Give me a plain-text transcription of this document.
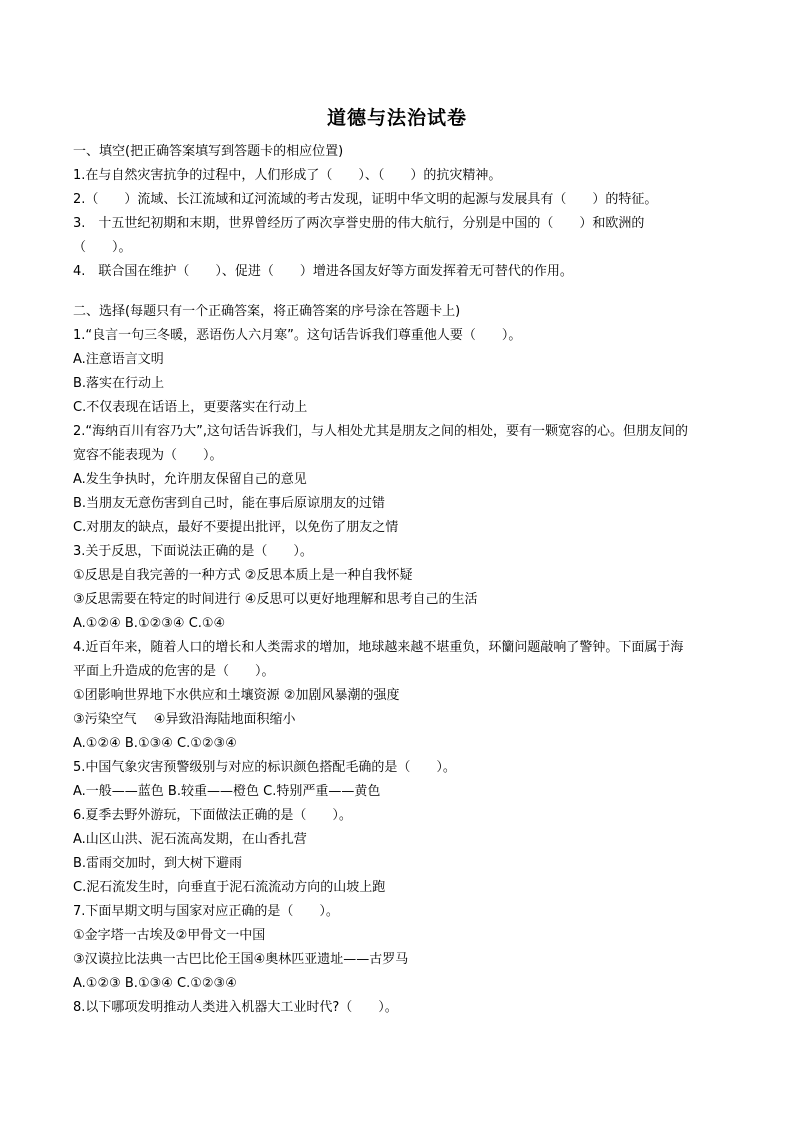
道德与法治试卷
一、填空(把正确答案填写到答题卡的相应位置)
1.在与自然灾害抗争的过程中，人们形成了（　　）、（　　）的抗灾精神。
2.（　　）流域、长江流域和辽河流域的考古发现，证明中华文明的起源与发展具有（　　）的特征。
3.　十五世纪初期和末期，世界曾经历了两次享誉史册的伟大航行，分别是中国的（　　）和欧洲的
（　　）。
4.　联合国在维护（　　）、促进（　　）增进各国友好等方面发挥着无可替代的作用。
二、选择(每题只有一个正确答案，将正确答案的序号涂在答题卡上)
1.“良言一句三冬暖，恶语伤人六月寒”。这句话告诉我们尊重他人要（　　）。
A.注意语言文明
B.落实在行动上
C.不仅表现在话语上，更要落实在行动上
2.“海纳百川有容乃大”,这句话告诉我们，与人相处尤其是朋友之间的相处，要有一颗宽容的心。但朋友间的
宽容不能表现为（　　）。
A.发生争执时，允许朋友保留自己的意见
B.当朋友无意伤害到自己时，能在事后原谅朋友的过错
C.对朋友的缺点，最好不要提出批评，以免伤了朋友之情
3.关于反思，下面说法正确的是（　　）。
①反思是自我完善的一种方式 ②反思本质上是一种自我怀疑
③反思需要在特定的时间进行 ④反思可以更好地理解和思考自己的生活
A.①②④ B.①②③④ C.①④
4.近百年来，随着人口的增长和人类需求的增加，地球越来越不堪重负，环籣问题敲响了警钟。下面属于海
平面上升造成的危害的是（　　）。
①团影响世界地下水供应和土壤资源 ②加剧风暴潮的强度
③污染空气　 ④异致沿海陆地面积缩小
A.①②④ B.①③④ C.①②③④
5.中国气象灾害预警级别与对应的标识颜色搭配毛确的是（　　）。
A.一般——蓝色 B.较重——橙色 C.特别严重——黄色
6.夏季去野外游玩，下面做法正确的是（　　）。
A.山区山洪、泥石流高发期，在山香扎营
B.雷雨交加时，到大树下避雨
C.泥石流发生时，向垂直于泥石流流动方向的山坡上跑
7.下面早期文明与国家对应正确的是（　　）。
①金字塔一古埃及②甲骨文一中国
③汉谟拉比法典一古巴比伦王国④奥林匹亚遗址——古罗马
A.①②③ B.①③④ C.①②③④
8.以下哪项发明推动人类进入机器大工业时代?（　　）。
